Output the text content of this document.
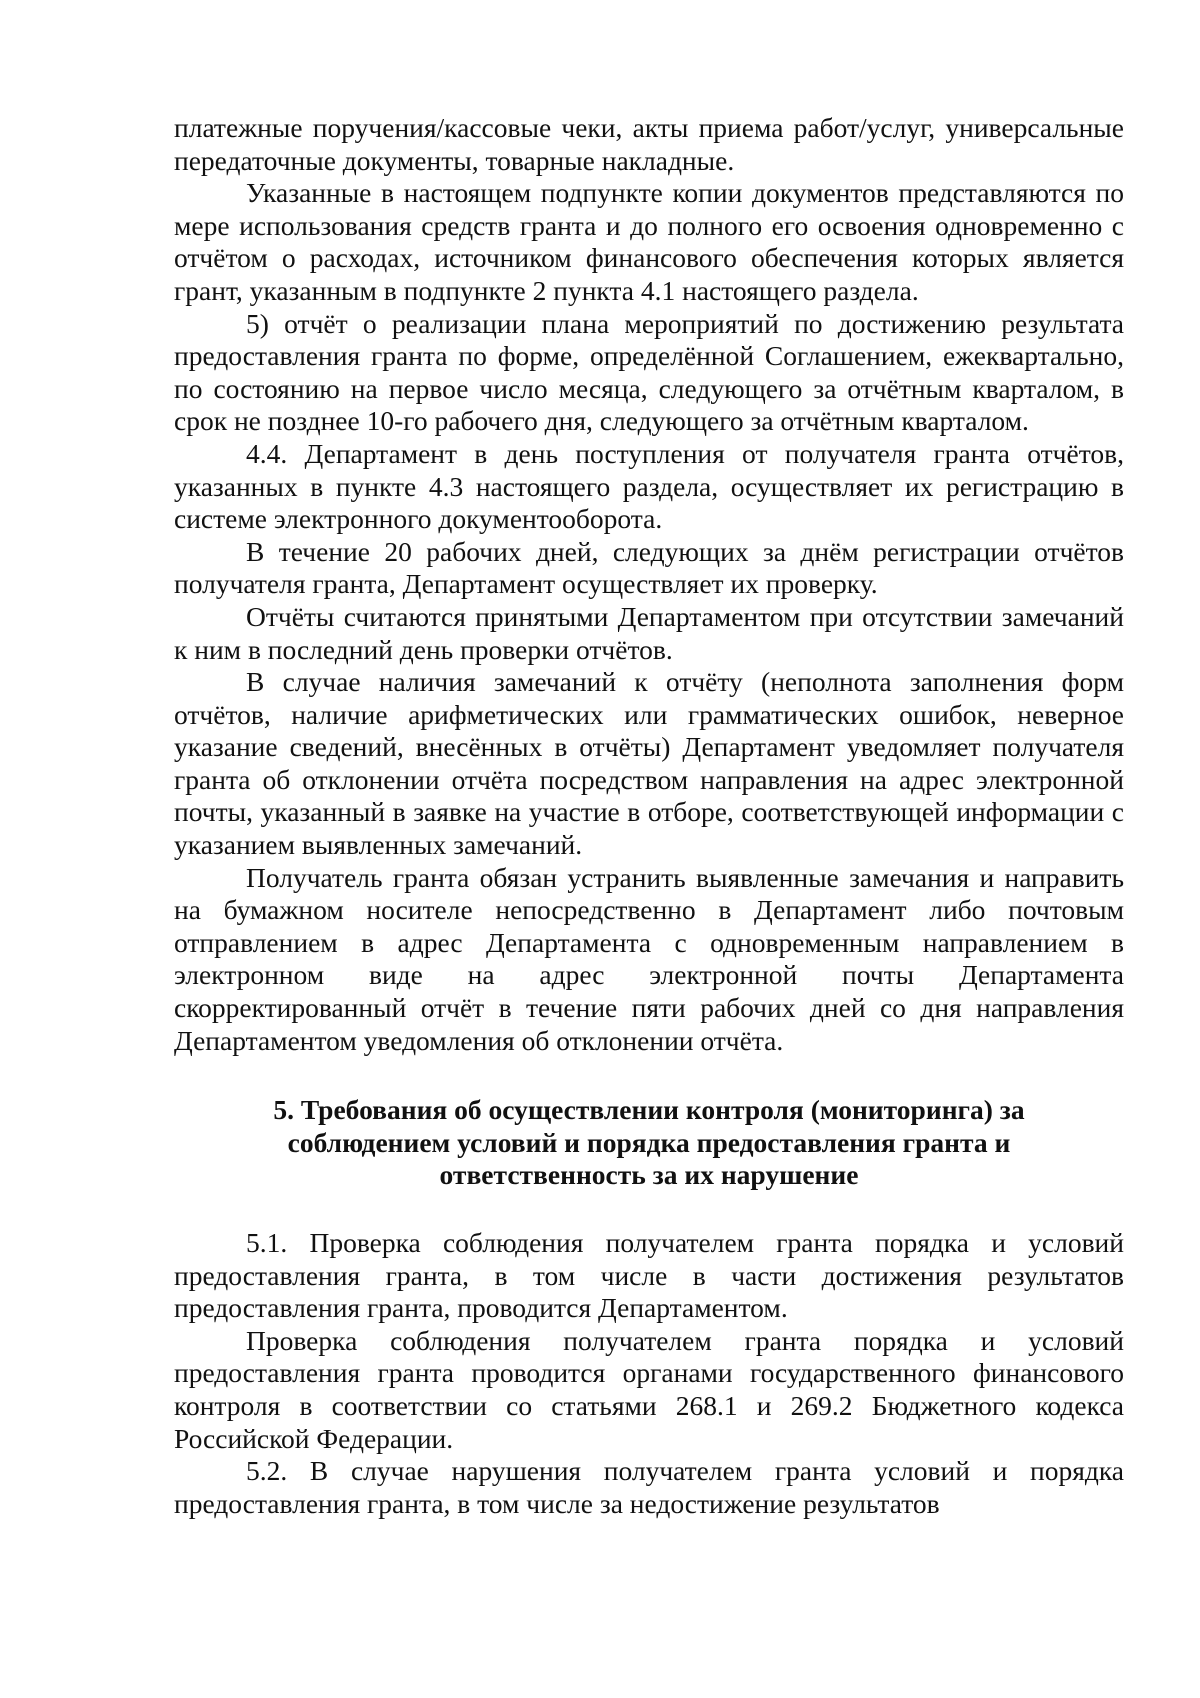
платежные поручения/кассовые чеки, акты приема работ/услуг, универсальные передаточные документы, товарные накладные.

Указанные в настоящем подпункте копии документов представляются по мере использования средств гранта и до полного его освоения одновременно с отчётом о расходах, источником финансового обеспечения которых является грант, указанным в подпункте 2 пункта 4.1 настоящего раздела.

5) отчёт о реализации плана мероприятий по достижению результата предоставления гранта по форме, определённой Соглашением, ежеквартально, по состоянию на первое число месяца, следующего за отчётным кварталом, в срок не позднее 10-го рабочего дня, следующего за отчётным кварталом.

4.4. Департамент в день поступления от получателя гранта отчётов, указанных в пункте 4.3 настоящего раздела, осуществляет их регистрацию в системе электронного документооборота.

В течение 20 рабочих дней, следующих за днём регистрации отчётов получателя гранта, Департамент осуществляет их проверку.

Отчёты считаются принятыми Департаментом при отсутствии замечаний к ним в последний день проверки отчётов.

В случае наличия замечаний к отчёту (неполнота заполнения форм отчётов, наличие арифметических или грамматических ошибок, неверное указание сведений, внесённых в отчёты) Департамент уведомляет получателя гранта об отклонении отчёта посредством направления на адрес электронной почты, указанный в заявке на участие в отборе, соответствующей информации с указанием выявленных замечаний.

Получатель гранта обязан устранить выявленные замечания и направить на бумажном носителе непосредственно в Департамент либо почтовым отправлением в адрес Департамента с одновременным направлением в электронном виде на адрес электронной почты Департамента скорректированный отчёт в течение пяти рабочих дней со дня направления Департаментом уведомления об отклонении отчёта.

5. Требования об осуществлении контроля (мониторинга) за
соблюдением условий и порядка предоставления гранта и
ответственность за их нарушение

5.1. Проверка соблюдения получателем гранта порядка и условий предоставления гранта, в том числе в части достижения результатов предоставления гранта, проводится Департаментом.

Проверка соблюдения получателем гранта порядка и условий предоставления гранта проводится органами государственного финансового контроля в соответствии со статьями 268.1 и 269.2 Бюджетного кодекса Российской Федерации.

5.2. В случае нарушения получателем гранта условий и порядка предоставления гранта, в том числе за недостижение результатов
